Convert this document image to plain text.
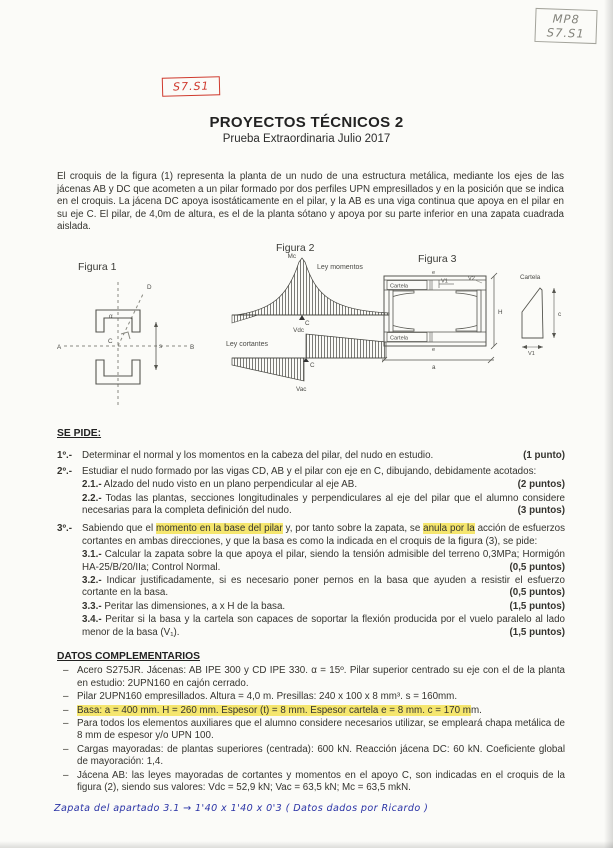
MP8
S7.S1
S7.S1
PROYECTOS TÉCNICOS 2
Prueba Extraordinaria Julio 2017
El croquis de la figura (1) representa la planta de un nudo de una estructura metálica, mediante los ejes de las jácenas AB y DC que acometen a un pilar formado por dos perfiles UPN empresillados y en la posición que se indica en el croquis. La jácena DC apoya isostáticamente en el pilar, y la AB es una viga continua que apoya en el pilar en su eje C. El pilar, de 4,0m de altura, es el de la planta sótano y apoya por su parte inferior en una zapata cuadrada aislada.
Figura 1
A	B
C
D
α
s
Figura 2
Mc
Ley momentos
C
Vdc
Ley cortantes
C
Vac
Figura 3
Cartela
Cartela
e
V1	V2
H
e
a
Cartela
c
V1
SE PIDE:
1º.-	Determinar el normal y los momentos en la cabeza del pilar, del nudo en estudio.	(1 punto)
2º.-	Estudiar el nudo formado por las vigas CD, AB y el pilar con eje en C, dibujando, debidamente acotados:
2.1.- Alzado del nudo visto en un plano perpendicular al eje AB.	(2 puntos)
2.2.- Todas las plantas, secciones longitudinales y perpendiculares al eje del pilar que el alumno considere necesarias para la completa definición del nudo.	(3 puntos)
3º.-	Sabiendo que el momento en la base del pilar y, por tanto sobre la zapata, se anula por la acción de esfuerzos cortantes en ambas direcciones, y que la basa es como la indicada en el croquis de la figura (3), se pide:
3.1.- Calcular la zapata sobre la que apoya el pilar, siendo la tensión admisible del terreno 0,3MPa; Hormigón HA-25/B/20/IIa; Control Normal.	(0,5 puntos)
3.2.- Indicar justificadamente, si es necesario poner pernos en la basa que ayuden a resistir el esfuerzo cortante en la basa.	(0,5 puntos)
3.3.- Peritar las dimensiones, a x H de la basa.	(1,5 puntos)
3.4.- Peritar si la basa y la cartela son capaces de soportar la flexión producida por el vuelo paralelo al lado menor de la basa (V₁).	(1,5 puntos)
DATOS COMPLEMENTARIOS
– Acero S275JR. Jácenas: AB IPE 300 y CD IPE 330. α = 15º. Pilar superior centrado su eje con el de la planta en estudio: 2UPN160 en cajón cerrado.
– Pilar 2UPN160 empresillados. Altura = 4,0 m. Presillas: 240 x 100 x 8 mm³. s = 160mm.
– Basa: a = 400 mm. H = 260 mm. Espesor (t) = 8 mm. Espesor cartela e = 8 mm. c = 170 mm.
– Para todos los elementos auxiliares que el alumno considere necesarios utilizar, se empleará chapa metálica de 8 mm de espesor y/o UPN 100.
– Cargas mayoradas: de plantas superiores (centrada): 600 kN. Reacción jácena DC: 60 kN. Coeficiente global de mayoración: 1,4.
– Jácena AB: las leyes mayoradas de cortantes y momentos en el apoyo C, son indicadas en el croquis de la figura (2), siendo sus valores: Vdc = 52,9 kN; Vac = 63,5 kN; Mc = 63,5 mkN.
Zapata del apartado 3.1 → 1'40 x 1'40 x 0'3 ( Datos dados por Ricardo )
